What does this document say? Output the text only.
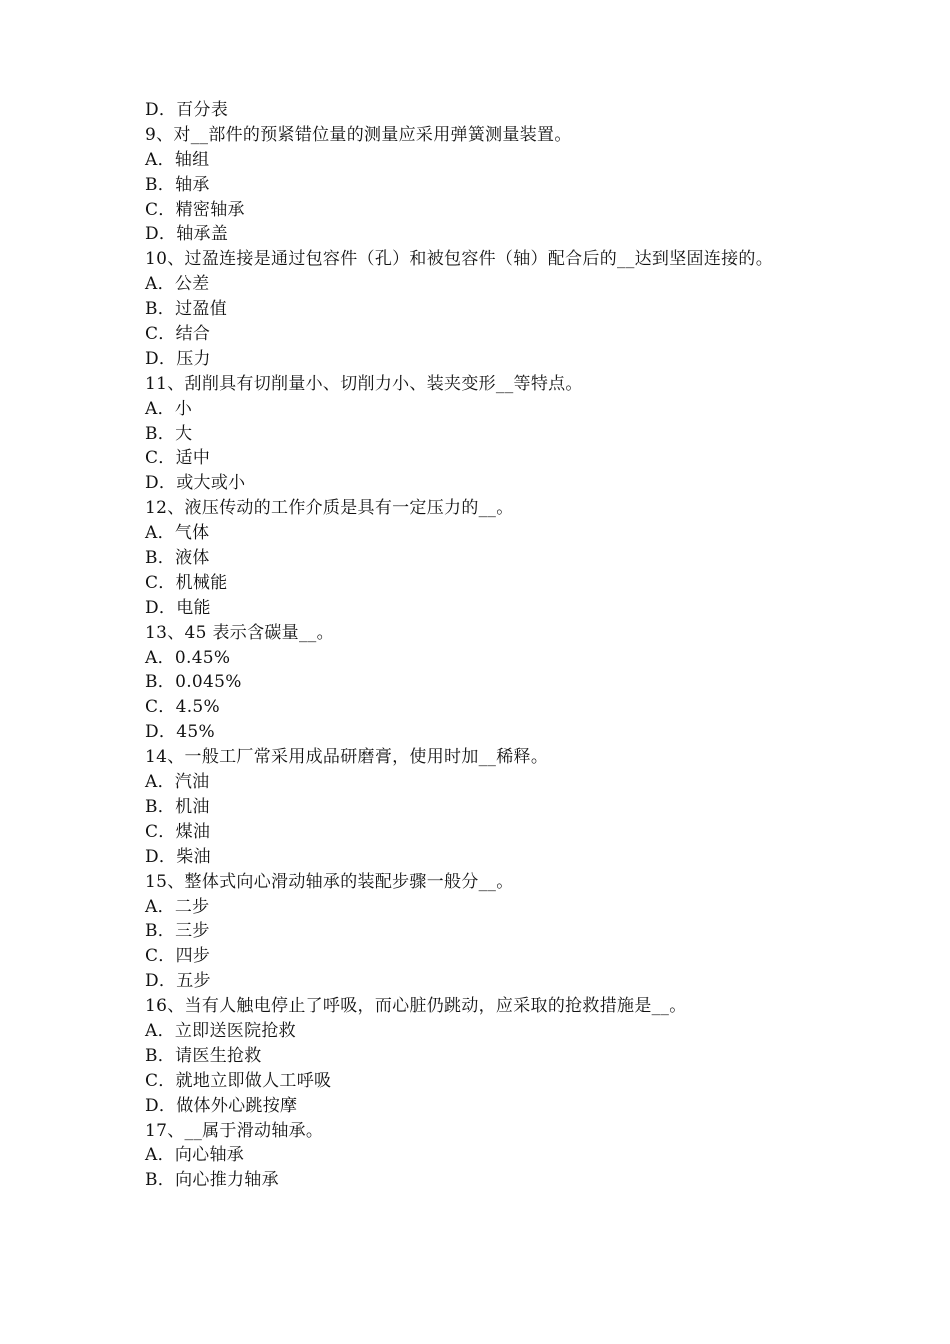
D．百分表
9、对__部件的预紧错位量的测量应采用弹簧测量装置。
A．轴组
B．轴承
C．精密轴承
D．轴承盖
10、过盈连接是通过包容件（孔）和被包容件（轴）配合后的__达到坚固连接的。
A．公差
B．过盈值
C．结合
D．压力
11、刮削具有切削量小、切削力小、装夹变形__等特点。
A．小
B．大
C．适中
D．或大或小
12、液压传动的工作介质是具有一定压力的__。
A．气体
B．液体
C．机械能
D．电能
13、45 表示含碳量__。
A．0.45%
B．0.045%
C．4.5%
D．45%
14、一般工厂常采用成品研磨膏，使用时加__稀释。
A．汽油
B．机油
C．煤油
D．柴油
15、整体式向心滑动轴承的装配步骤一般分__。
A．二步
B．三步
C．四步
D．五步
16、当有人触电停止了呼吸，而心脏仍跳动，应采取的抢救措施是__。
A．立即送医院抢救
B．请医生抢救
C．就地立即做人工呼吸
D．做体外心跳按摩
17、__属于滑动轴承。
A．向心轴承
B．向心推力轴承
